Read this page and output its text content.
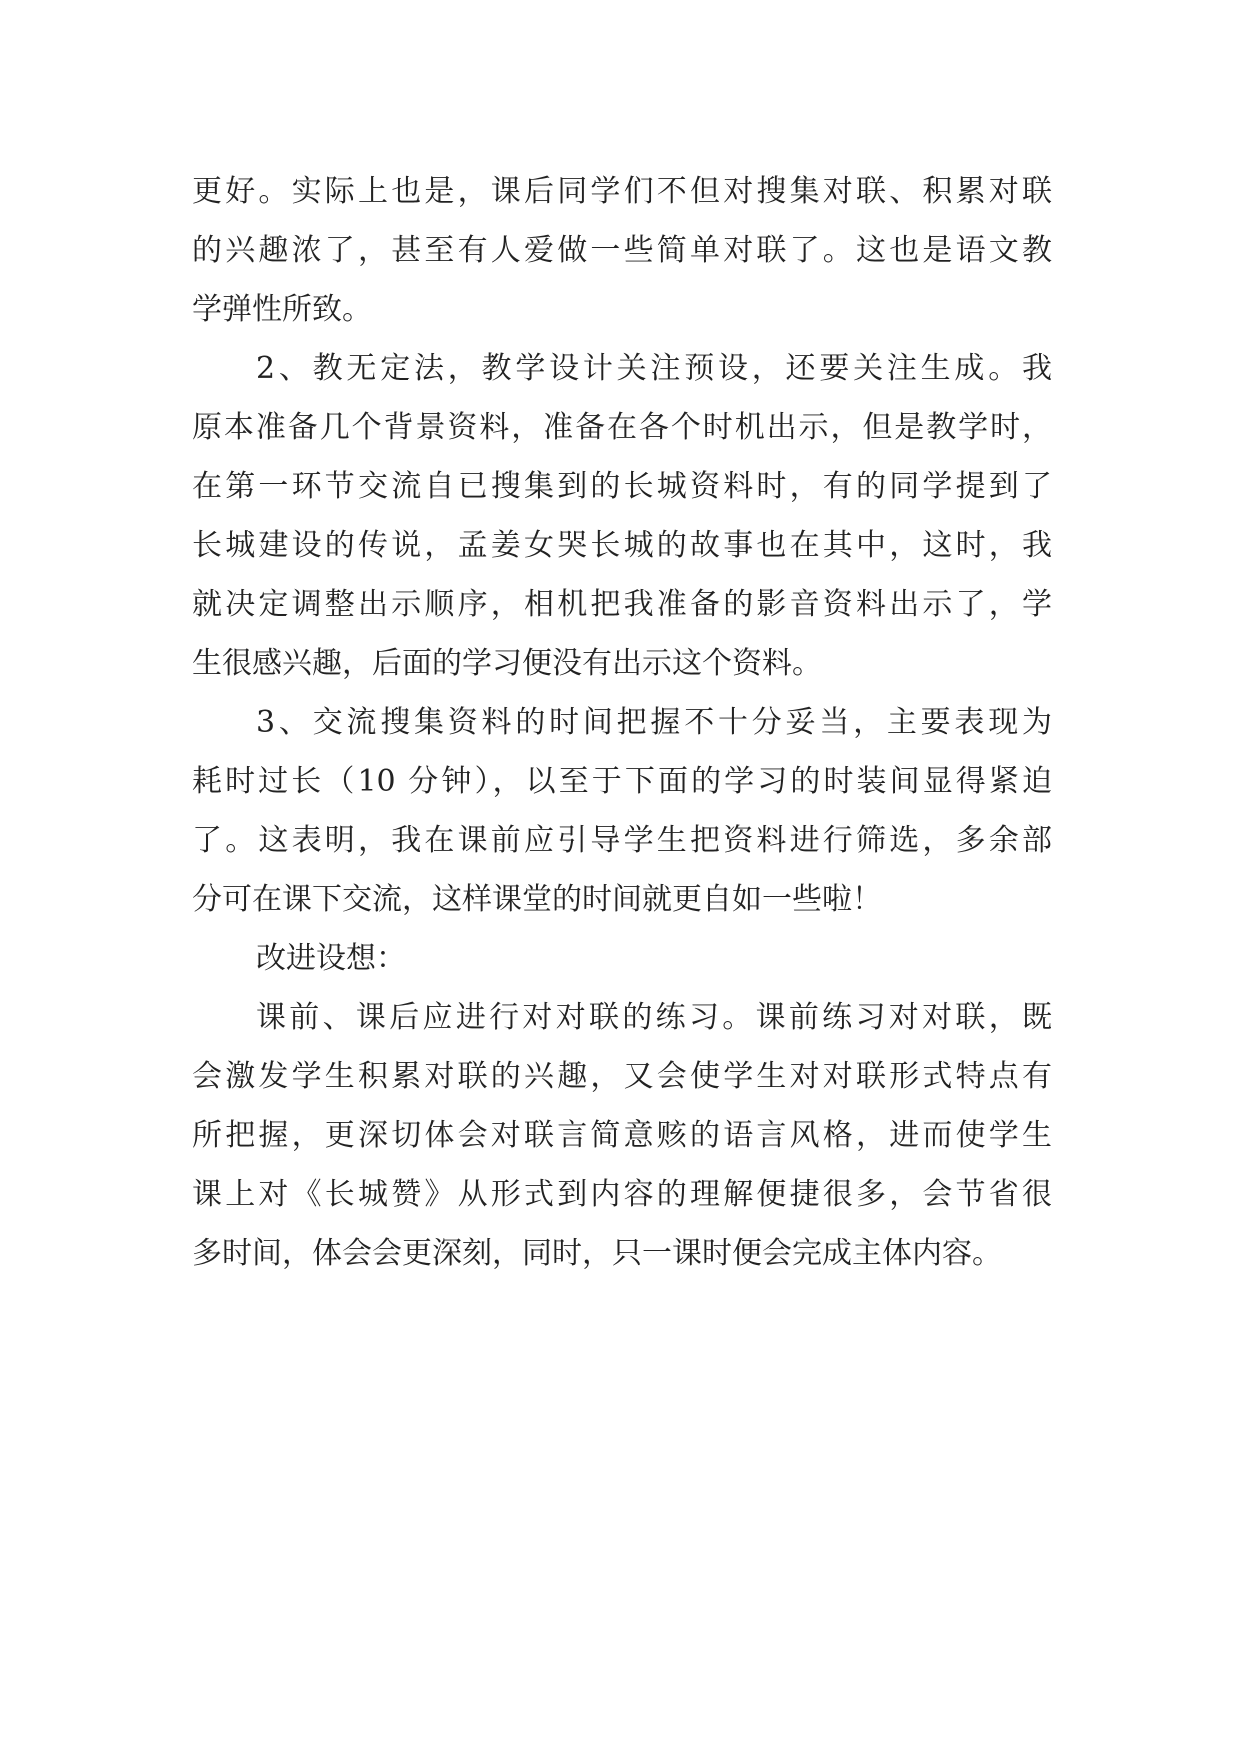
更好。实际上也是，课后同学们不但对搜集对联、积累对联
的兴趣浓了，甚至有人爱做一些简单对联了。这也是语文教
学弹性所致。
2、教无定法，教学设计关注预设，还要关注生成。我
原本准备几个背景资料，准备在各个时机出示，但是教学时，
在第一环节交流自已搜集到的长城资料时，有的同学提到了
长城建设的传说，孟姜女哭长城的故事也在其中，这时，我
就决定调整出示顺序，相机把我准备的影音资料出示了，学
生很感兴趣，后面的学习便没有出示这个资料。
3、交流搜集资料的时间把握不十分妥当，主要表现为
耗时过长（10 分钟），以至于下面的学习的时装间显得紧迫
了。这表明，我在课前应引导学生把资料进行筛选，多余部
分可在课下交流，这样课堂的时间就更自如一些啦！
改进设想：
课前、课后应进行对对联的练习。课前练习对对联，既
会激发学生积累对联的兴趣，又会使学生对对联形式特点有
所把握，更深切体会对联言简意赅的语言风格，进而使学生
课上对《长城赞》从形式到内容的理解便捷很多，会节省很
多时间，体会会更深刻，同时，只一课时便会完成主体内容。
